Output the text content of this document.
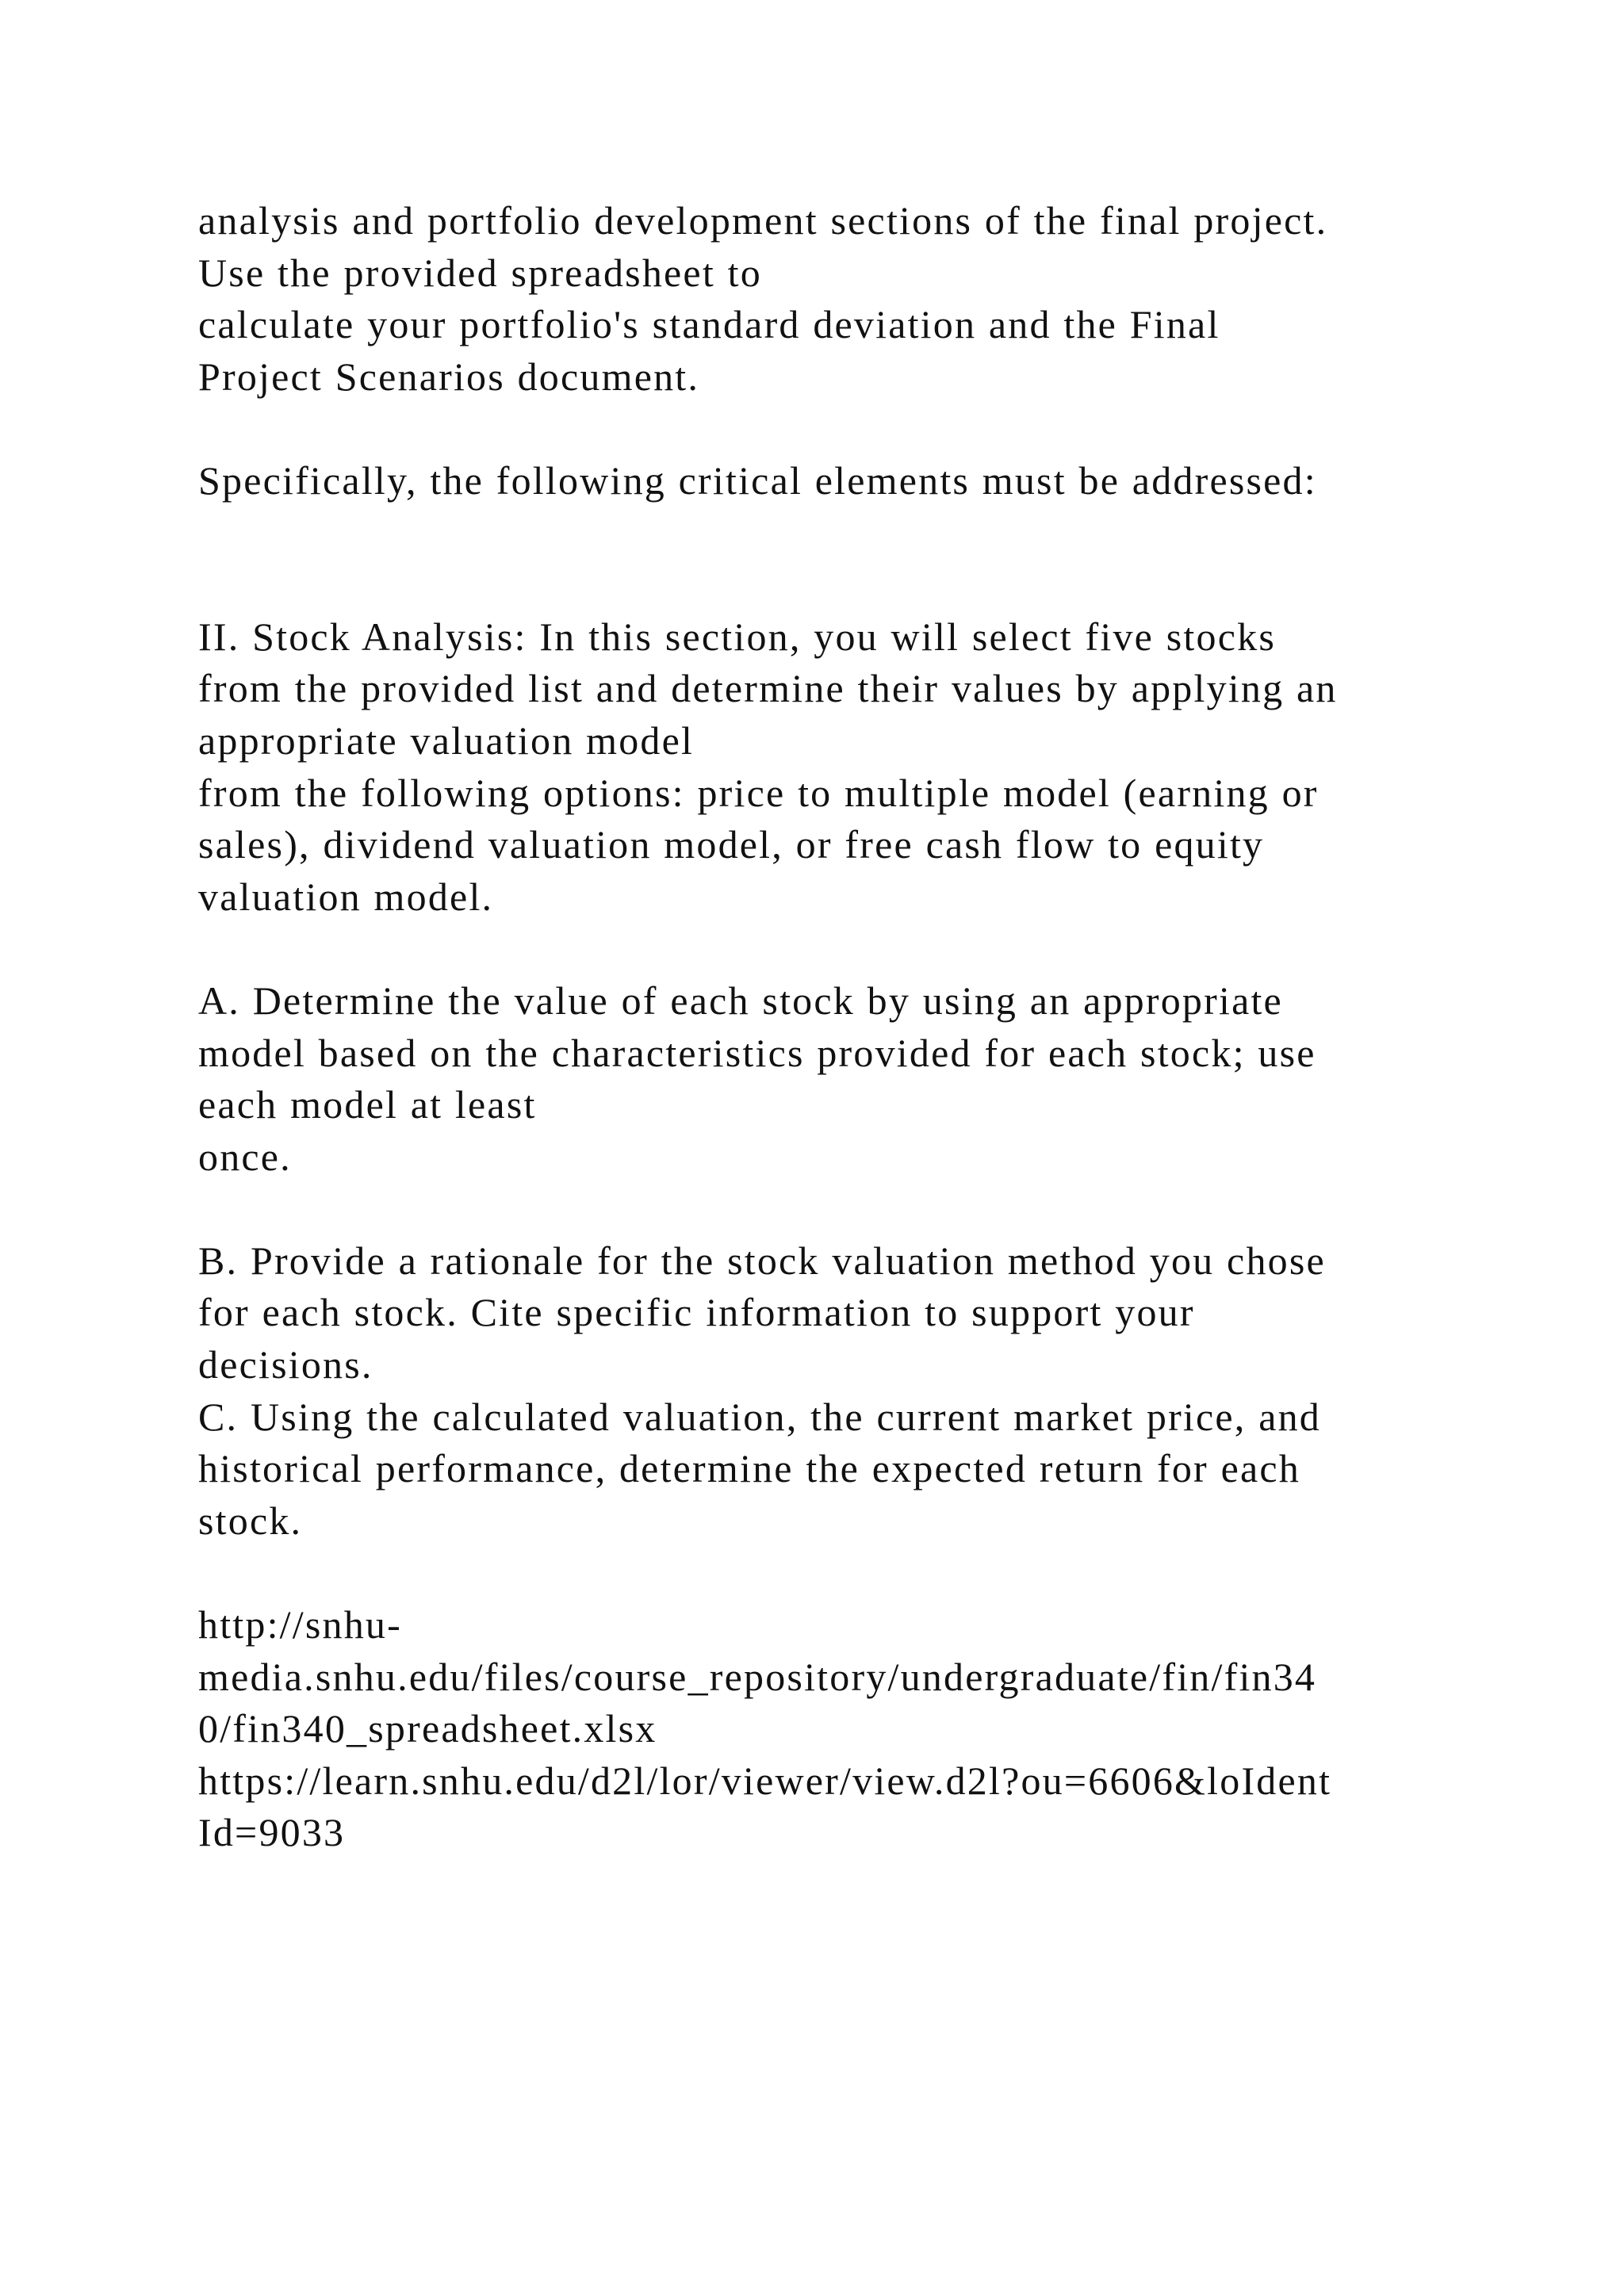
analysis and portfolio development sections of the final project.
Use the provided spreadsheet to
calculate your portfolio's standard deviation and the Final
Project Scenarios document.
Specifically, the following critical elements must be addressed:
II. Stock Analysis: In this section, you will select five stocks
from the provided list and determine their values by applying an
appropriate valuation model
from the following options: price to multiple model (earning or
sales), dividend valuation model, or free cash flow to equity
valuation model.
A. Determine the value of each stock by using an appropriate
model based on the characteristics provided for each stock; use
each model at least
once.
B. Provide a rationale for the stock valuation method you chose
for each stock. Cite specific information to support your
decisions.
C. Using the calculated valuation, the current market price, and
historical performance, determine the expected return for each
stock.
http://snhu-
media.snhu.edu/files/course_repository/undergraduate/fin/fin34
0/fin340_spreadsheet.xlsx
https://learn.snhu.edu/d2l/lor/viewer/view.d2l?ou=6606&loIdent
Id=9033
